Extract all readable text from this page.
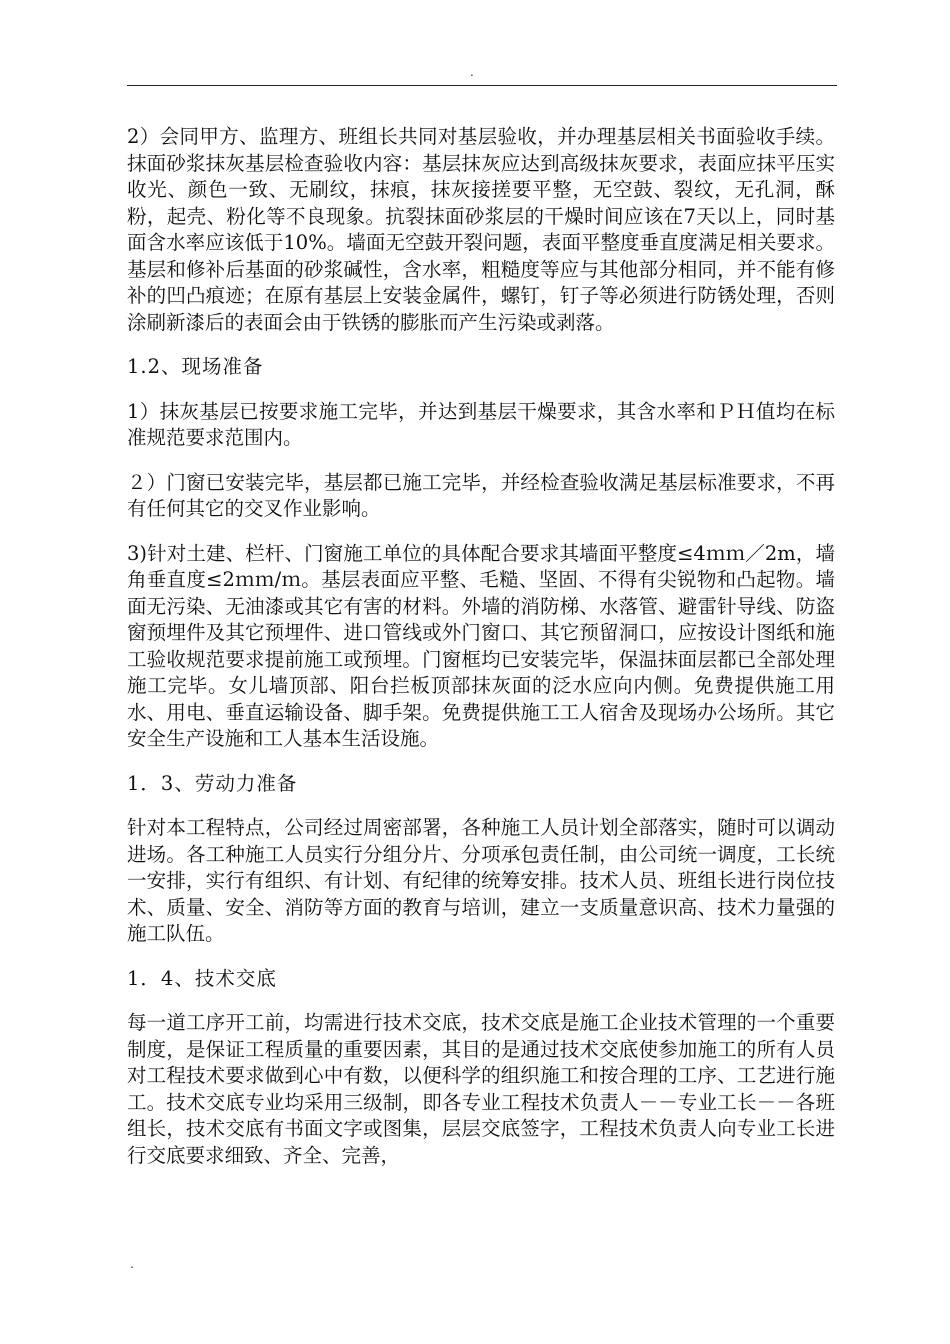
.

2）会同甲方、监理方、班组长共同对基层验收，并办理基层相关书面验收手续。抹面砂浆抹灰基层检查验收内容：基层抹灰应达到高级抹灰要求，表面应抹平压实收光、颜色一致、无刷纹，抹痕，抹灰接搓要平整，无空鼓、裂纹，无孔洞，酥粉，起壳、粉化等不良现象。抗裂抹面砂浆层的干燥时间应该在7天以上，同时基面含水率应该低于10%。墙面无空鼓开裂问题，表面平整度垂直度满足相关要求。基层和修补后基面的砂浆碱性，含水率，粗糙度等应与其他部分相同，并不能有修补的凹凸痕迹；在原有基层上安装金属件，螺钉，钉子等必须进行防锈处理，否则涂刷新漆后的表面会由于铁锈的膨胀而产生污染或剥落。

1.2、现场准备

1）抹灰基层已按要求施工完毕，并达到基层干燥要求，其含水率和ＰＨ值均在标准规范要求范围内。

２）门窗已安装完毕，基层都已施工完毕，并经检查验收满足基层标准要求，不再有任何其它的交叉作业影响。

3)针对土建、栏杆、门窗施工单位的具体配合要求其墙面平整度≤4ｍｍ／2m，墙角垂直度≤2ｍｍ/ｍ。基层表面应平整、毛糙、坚固、不得有尖锐物和凸起物。墙面无污染、无油漆或其它有害的材料。外墙的消防梯、水落管、避雷针导线、防盗窗预埋件及其它预埋件、进口管线或外门窗口、其它预留洞口，应按设计图纸和施工验收规范要求提前施工或预埋。门窗框均已安装完毕，保温抹面层都已全部处理施工完毕。女儿墙顶部、阳台拦板顶部抹灰面的泛水应向内侧。免费提供施工用水、用电、垂直运输设备、脚手架。免费提供施工工人宿舍及现场办公场所。其它安全生产设施和工人基本生活设施。

1．3、劳动力准备

针对本工程特点，公司经过周密部署，各种施工人员计划全部落实，随时可以调动进场。各工种施工人员实行分组分片、分项承包责任制，由公司统一调度，工长统一安排，实行有组织、有计划、有纪律的统筹安排。技术人员、班组长进行岗位技术、质量、安全、消防等方面的教育与培训，建立一支质量意识高、技术力量强的施工队伍。

1．4、技术交底

每一道工序开工前，均需进行技术交底，技术交底是施工企业技术管理的一个重要制度，是保证工程质量的重要因素，其目的是通过技术交底使参加施工的所有人员对工程技术要求做到心中有数，以便科学的组织施工和按合理的工序、工艺进行施工。技术交底专业均采用三级制，即各专业工程技术负责人－－专业工长－－各班组长，技术交底有书面文字或图集，层层交底签字，工程技术负责人向专业工长进行交底要求细致、齐全、完善，

.
